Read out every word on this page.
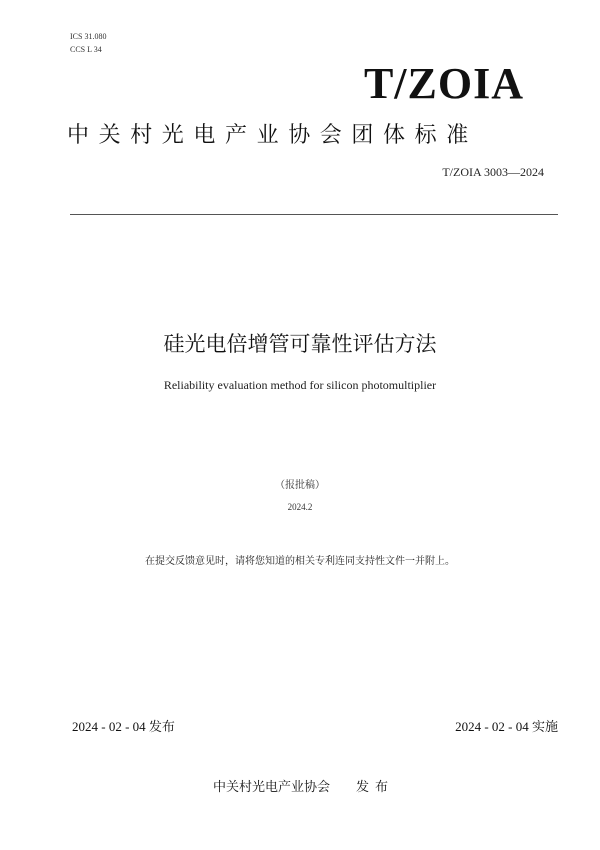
ICS 31.080
CCS L 34
T/ZOIA
中关村光电产业协会团体标准
T/ZOIA 3003—2024
硅光电倍增管可靠性评估方法
Reliability evaluation method for silicon photomultiplier
（报批稿）
2024.2
在提交反馈意见时，请将您知道的相关专利连同支持性文件一并附上。
2024 - 02 - 04 发布	2024 - 02 - 04 实施
中关村光电产业协会 发布
